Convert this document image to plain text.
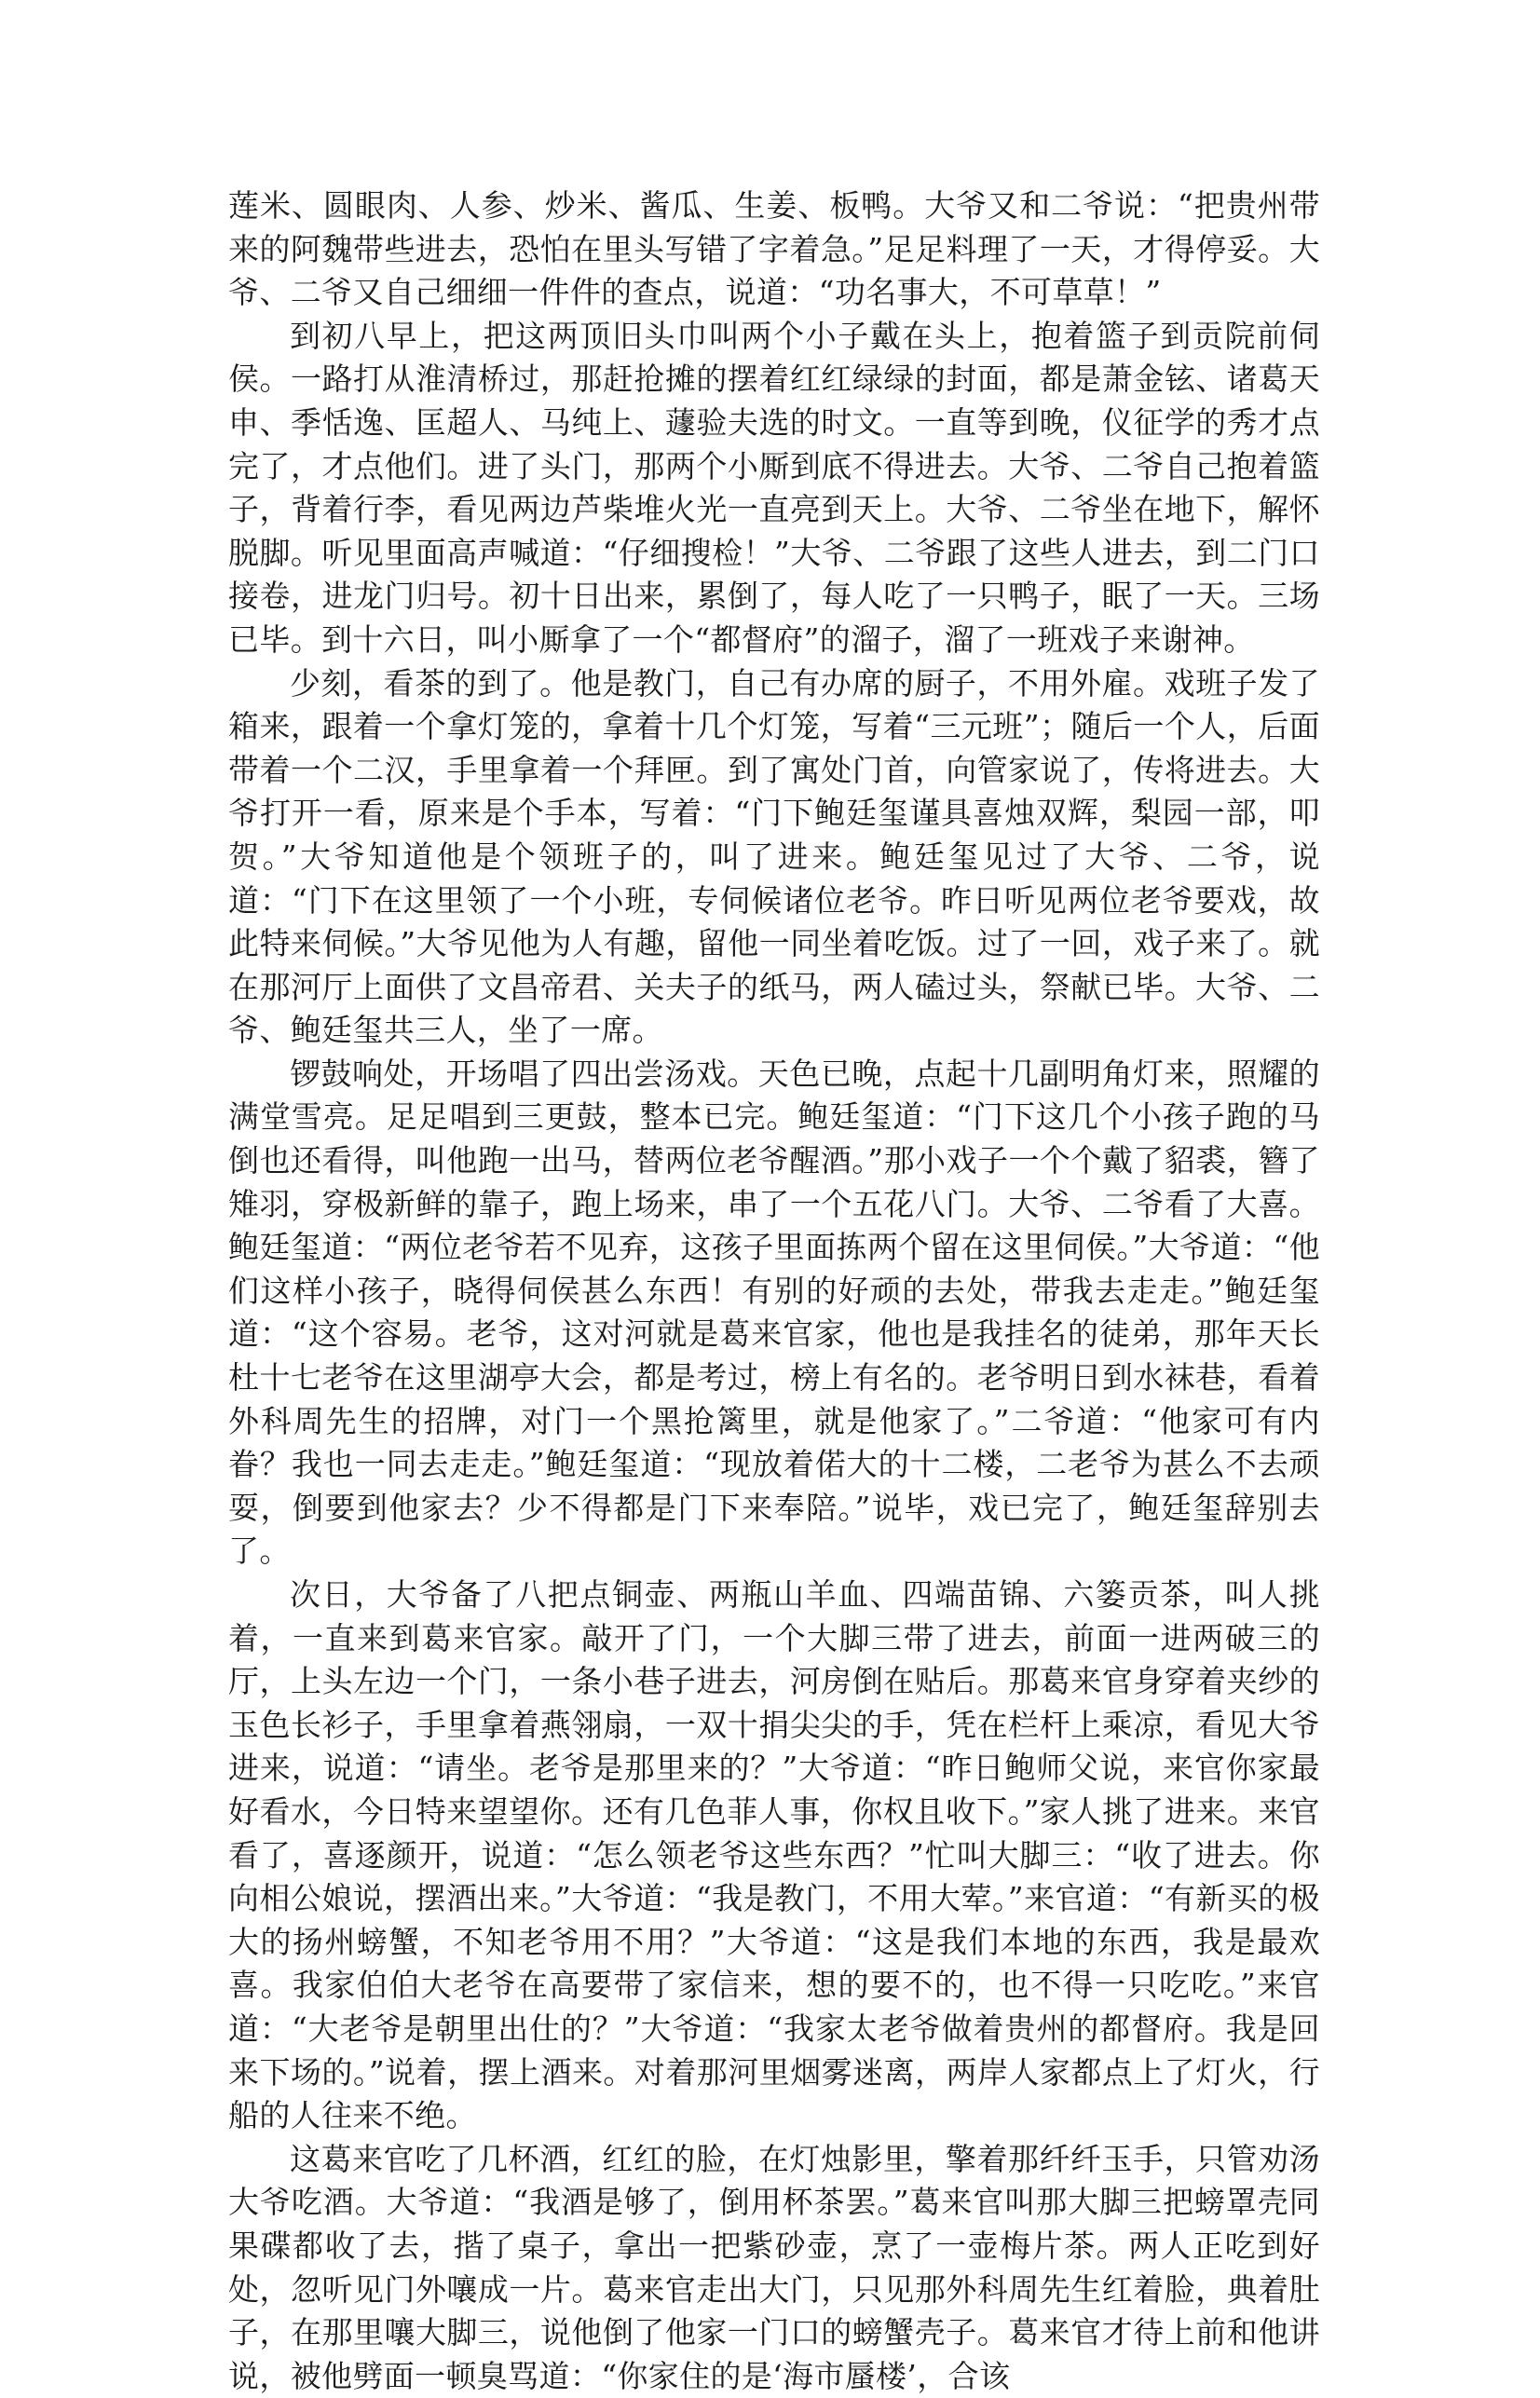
莲米、圆眼肉、人参、炒米、酱瓜、生姜、板鸭。大爷又和二爷说：“把贵州带来的阿魏带些进去，恐怕在里头写错了字着急。”足足料理了一天，才得停妥。大爷、二爷又自己细细一件件的查点，说道：“功名事大，不可草草！”

到初八早上，把这两顶旧头巾叫两个小子戴在头上，抱着篮子到贡院前伺侯。一路打从淮清桥过，那赶抢摊的摆着红红绿绿的封面，都是萧金铉、诸葛天申、季恬逸、匡超人、马纯上、蘧验夫选的时文。一直等到晚，仪征学的秀才点完了，才点他们。进了头门，那两个小厮到底不得进去。大爷、二爷自己抱着篮子，背着行李，看见两边芦柴堆火光一直亮到天上。大爷、二爷坐在地下，解怀脱脚。听见里面高声喊道：“仔细搜检！”大爷、二爷跟了这些人进去，到二门口接卷，进龙门归号。初十日出来，累倒了，每人吃了一只鸭子，眠了一天。三场已毕。到十六日，叫小厮拿了一个“都督府”的溜子，溜了一班戏子来谢神。

少刻，看茶的到了。他是教门，自己有办席的厨子，不用外雇。戏班子发了箱来，跟着一个拿灯笼的，拿着十几个灯笼，写着“三元班”；随后一个人，后面带着一个二汉，手里拿着一个拜匣。到了寓处门首，向管家说了，传将进去。大爷打开一看，原来是个手本，写着：“门下鲍廷玺谨具喜烛双辉，梨园一部，叩贺。”大爷知道他是个领班子的，叫了进来。鲍廷玺见过了大爷、二爷，说道：“门下在这里领了一个小班，专伺候诸位老爷。昨日听见两位老爷要戏，故此特来伺候。”大爷见他为人有趣，留他一同坐着吃饭。过了一回，戏子来了。就在那河厅上面供了文昌帝君、关夫子的纸马，两人磕过头，祭献已毕。大爷、二爷、鲍廷玺共三人，坐了一席。

锣鼓响处，开场唱了四出尝汤戏。天色已晚，点起十几副明角灯来，照耀的满堂雪亮。足足唱到三更鼓，整本已完。鲍廷玺道：“门下这几个小孩子跑的马倒也还看得，叫他跑一出马，替两位老爷醒酒。”那小戏子一个个戴了貂裘，簪了雉羽，穿极新鲜的靠子，跑上场来，串了一个五花八门。大爷、二爷看了大喜。鲍廷玺道：“两位老爷若不见弃，这孩子里面拣两个留在这里伺侯。”大爷道：“他们这样小孩子，晓得伺侯甚么东西！有别的好顽的去处，带我去走走。”鲍廷玺道：“这个容易。老爷，这对河就是葛来官家，他也是我挂名的徒弟，那年天长杜十七老爷在这里湖亭大会，都是考过，榜上有名的。老爷明日到水袜巷，看着外科周先生的招牌，对门一个黑抢篱里，就是他家了。”二爷道：“他家可有内眷？我也一同去走走。”鲍廷玺道：“现放着偌大的十二楼，二老爷为甚么不去顽耍，倒要到他家去？少不得都是门下来奉陪。”说毕，戏已完了，鲍廷玺辞别去了。

次日，大爷备了八把点铜壶、两瓶山羊血、四端苗锦、六篓贡茶，叫人挑着，一直来到葛来官家。敲开了门，一个大脚三带了进去，前面一进两破三的厅，上头左边一个门，一条小巷子进去，河房倒在贴后。那葛来官身穿着夹纱的玉色长衫子，手里拿着燕翎扇，一双十捐尖尖的手，凭在栏杆上乘凉，看见大爷进来，说道：“请坐。老爷是那里来的？”大爷道：“昨日鲍师父说，来官你家最好看水，今日特来望望你。还有几色菲人事，你权且收下。”家人挑了进来。来官看了，喜逐颜开，说道：“怎么领老爷这些东西？”忙叫大脚三：“收了进去。你向相公娘说，摆酒出来。”大爷道：“我是教门，不用大荤。”来官道：“有新买的极大的扬州螃蟹，不知老爷用不用？”大爷道：“这是我们本地的东西，我是最欢喜。我家伯伯大老爷在高要带了家信来，想的要不的，也不得一只吃吃。”来官道：“大老爷是朝里出仕的？”大爷道：“我家太老爷做着贵州的都督府。我是回来下场的。”说着，摆上酒来。对着那河里烟雾迷离，两岸人家都点上了灯火，行船的人往来不绝。

这葛来官吃了几杯酒，红红的脸，在灯烛影里，擎着那纤纤玉手，只管劝汤大爷吃酒。大爷道：“我酒是够了，倒用杯茶罢。”葛来官叫那大脚三把螃罩壳同果碟都收了去，揩了桌子，拿出一把紫砂壶，烹了一壶梅片茶。两人正吃到好处，忽听见门外嚷成一片。葛来官走出大门，只见那外科周先生红着脸，典着肚子，在那里嚷大脚三，说他倒了他家一门口的螃蟹壳子。葛来官才待上前和他讲说，被他劈面一顿臭骂道：“你家住的是‘海市蜃楼’，合该
